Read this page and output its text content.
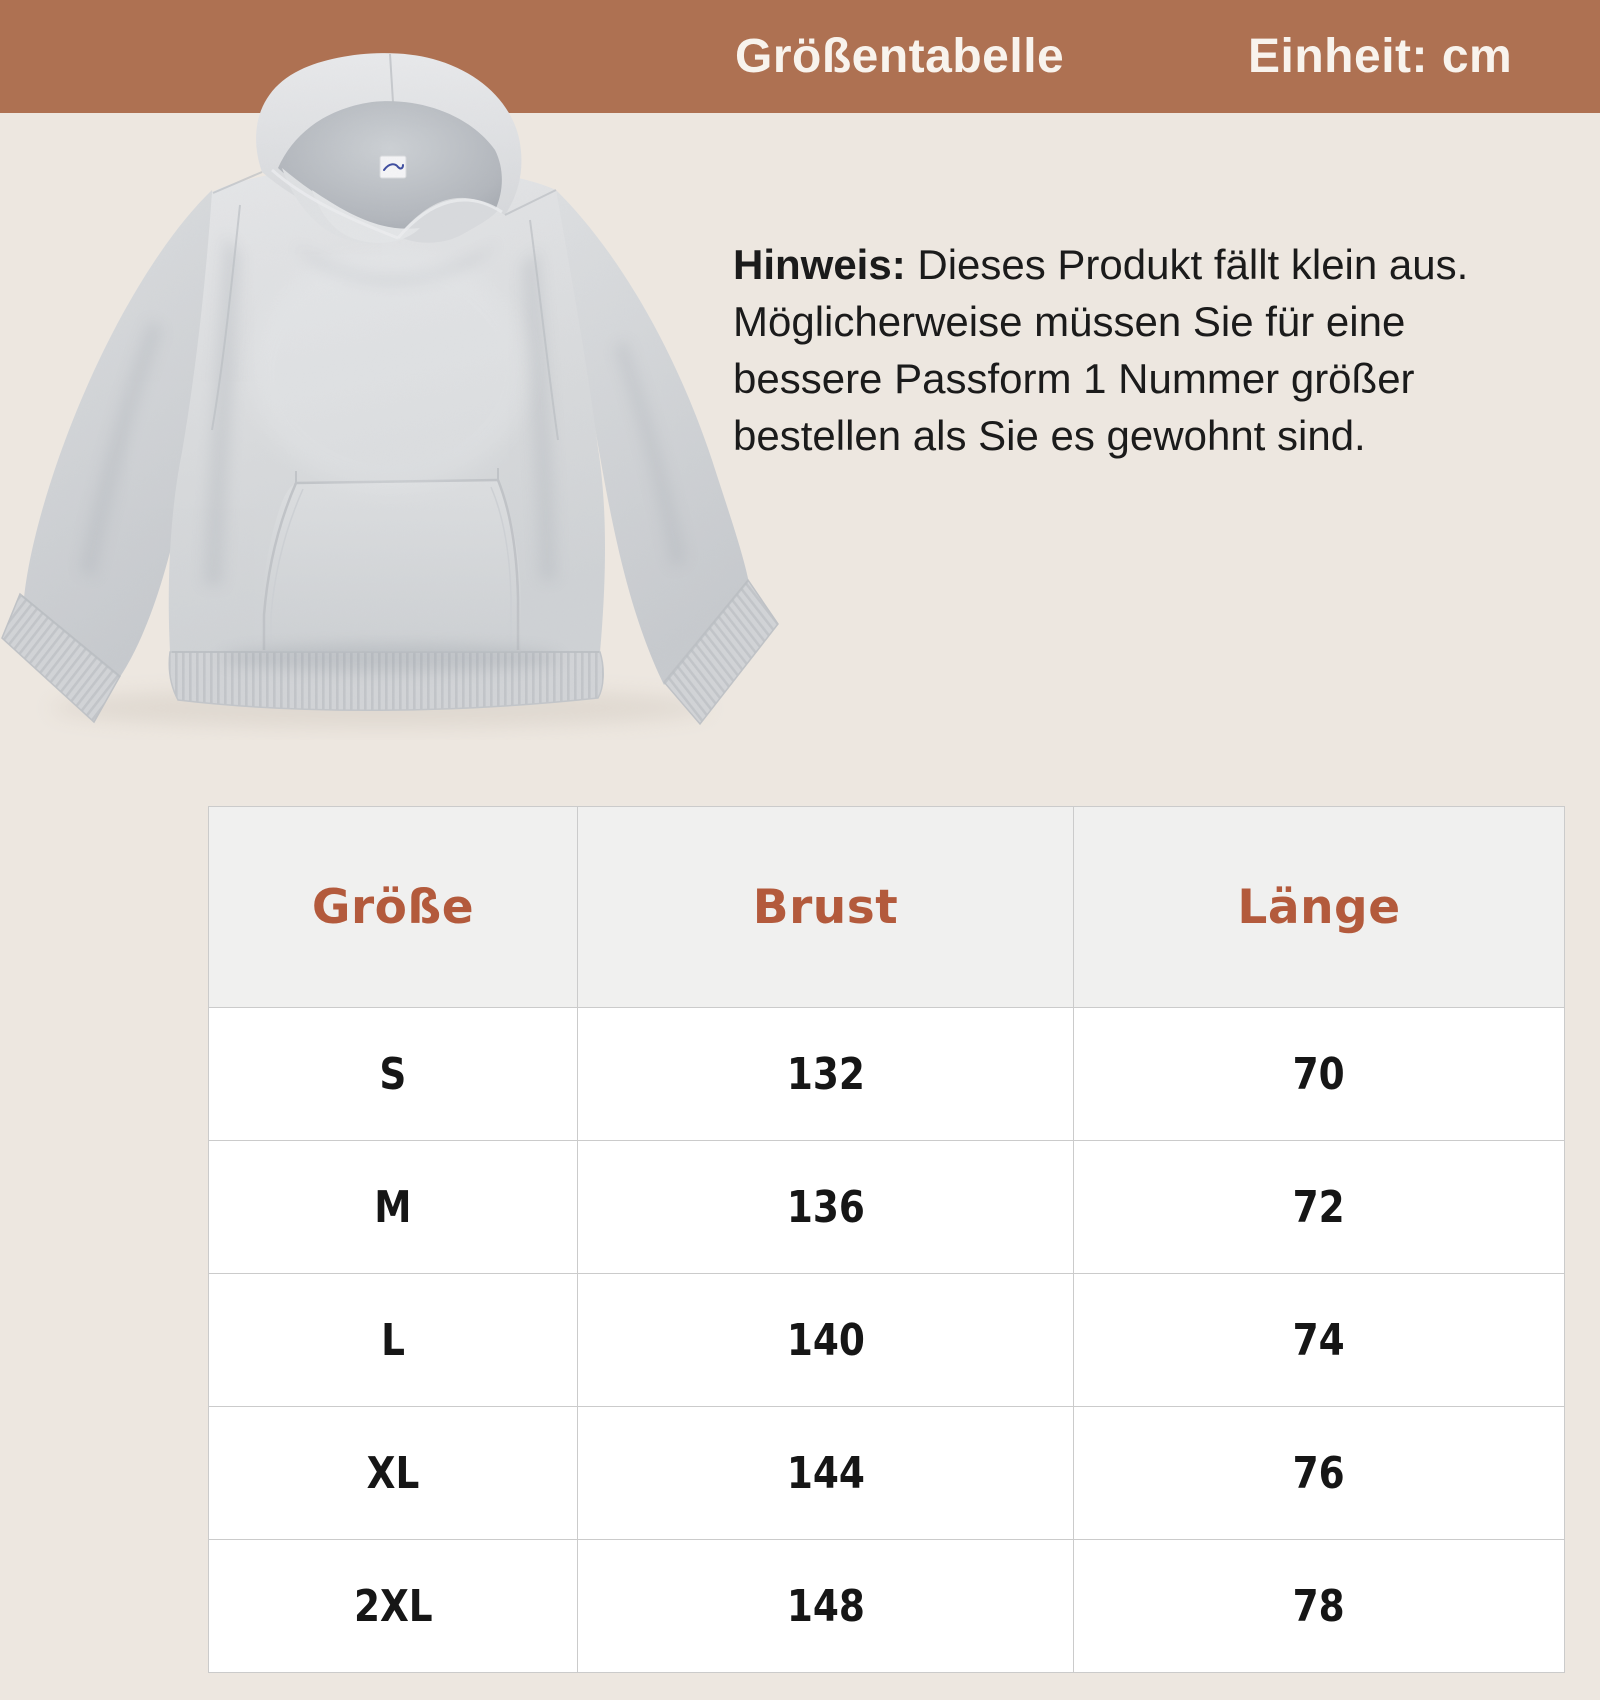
Größentabelle	Einheit: cm

Hinweis: Dieses Produkt fällt klein aus.

Möglicherweise müssen Sie für eine

bessere Passform 1 Nummer größer

bestellen als Sie es gewohnt sind.

Größe	Brust	Länge
S	132	70
M	136	72
L	140	74
XL	144	76
2XL	148	78
